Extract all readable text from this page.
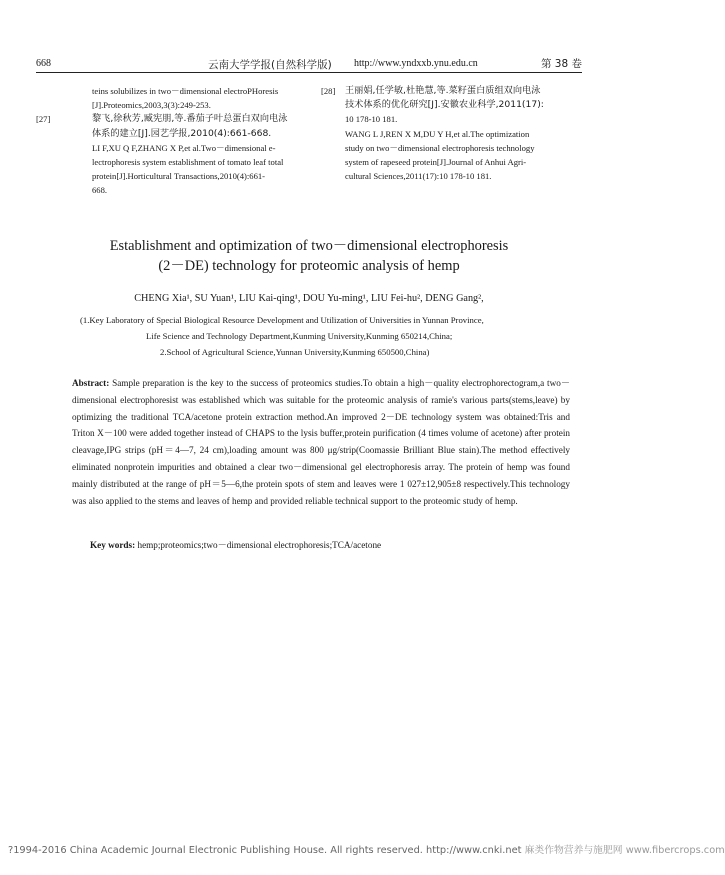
668	云南大学学报(自然科学版) http://www.yndxxb.ynu.edu.cn	第 38 卷

teins solubilizes in two－dimensional electroPHoresis

[J].Proteomics,2003,3(3):249-253.

[27]	黎飞,徐秋芳,臧宪朋,等.番茄子叶总蛋白双向电泳

体系的建立[J].园艺学报,2010(4):661-668.

LI F,XU Q F,ZHANG X P,et al.Two－dimensional e-

lectrophoresis system establishment of tomato leaf total

protein[J].Horticultural Transactions,2010(4):661-

668.

[28] 王丽娟,任学敏,杜艳慧,等.菜籽蛋白质组双向电泳

技术体系的优化研究[J].安徽农业科学,2011(17):

10 178-10 181.

WANG L J,REN X M,DU Y H,et al.The optimization

study on two－dimensional electrophoresis technology

system of rapeseed protein[J].Journal of Anhui Agri-

cultural Sciences,2011(17):10 178-10 181.

Establishment and optimization of two－dimensional electrophoresis
(2－DE) technology for proteomic analysis of hemp
CHENG Xia¹, SU Yuan¹, LIU Kai-qing¹, DOU Yu-ming¹, LIU Fei-hu², DENG Gang²,

(1.Key Laboratory of Special Biological Resource Development and Utilization of Universities in Yunnan Province,

Life Science and Technology Department,Kunming University,Kunming 650214,China;

2.School of Agricultural Science,Yunnan University,Kunming 650500,China)

Abstract: Sample preparation is the key to the success of proteomics studies.To obtain a high－quality electrophorectogram,a two－dimensional electrophoresist was established which was suitable for the proteomic analysis of ramie's various parts(stems,leave) by optimizing the traditional TCA/acetone protein extraction method.An improved 2－DE technology system was obtained:Tris and Triton X－100 were added together instead of CHAPS to the lysis buffer,protein purification (4 times volume of acetone) after protein cleavage,IPG strips (pH＝4—7, 24 cm),loading amount was 800 μg/strip(Coomassie Brilliant Blue stain).The method effectively eliminated nonprotein impurities and obtained a clear two－dimensional gel electrophoresis array. The protein of hemp was found mainly distributed at the range of pH＝5—6,the protein spots of stem and leaves were 1 027±12,905±8 respectively.This technology was also applied to the stems and leaves of hemp and provided reliable technical support to the proteomic study of hemp.

Key words: hemp;proteomics;two－dimensional electrophoresis;TCA/acetone
?1994-2016 China Academic Journal Electronic Publishing House. All rights reserved. http://www.cnki.net 麻类作物营养与施肥网 www.fibercrops.com
